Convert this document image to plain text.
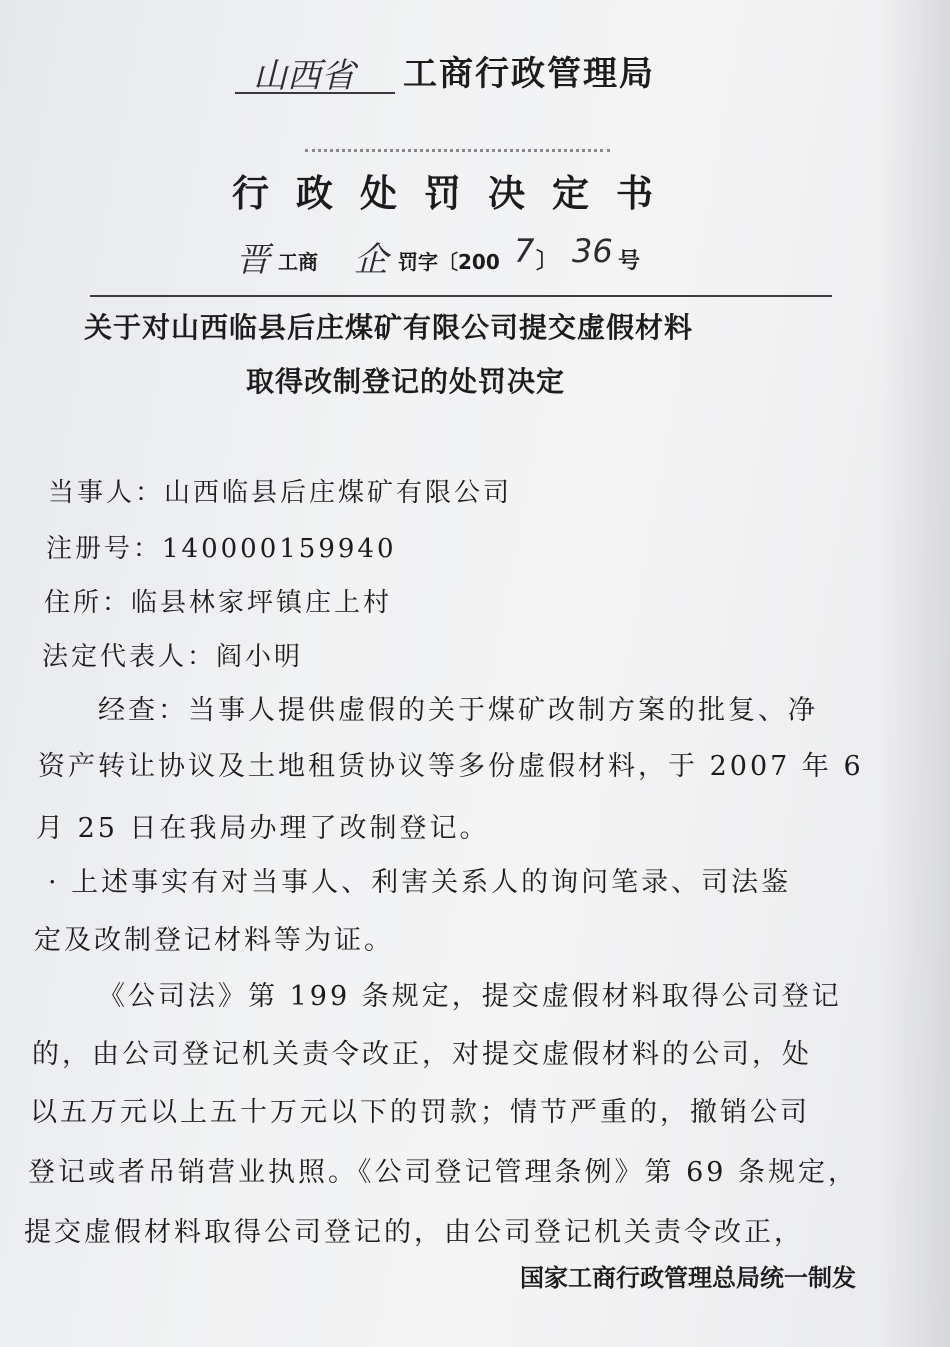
山西省 工商行政管理局
行政处罚决定书
晋 工商 企 罚字〔200 7 〕 36 号
关于对山西临县后庄煤矿有限公司提交虚假材料
取得改制登记的处罚决定
当事人：山西临县后庄煤矿有限公司
注册号：140000159940
住所：临县林家坪镇庄上村
法定代表人：阎小明
经查：当事人提供虚假的关于煤矿改制方案的批复、净
资产转让协议及土地租赁协议等多份虚假材料，于 2007 年 6
月 25 日在我局办理了改制登记。
· 上述事实有对当事人、利害关系人的询问笔录、司法鉴
定及改制登记材料等为证。
《公司法》第 199 条规定，提交虚假材料取得公司登记
的，由公司登记机关责令改正，对提交虚假材料的公司，处
以五万元以上五十万元以下的罚款；情节严重的，撤销公司
登记或者吊销营业执照。《公司登记管理条例》第 69 条规定，
提交虚假材料取得公司登记的，由公司登记机关责令改正，
国家工商行政管理总局统一制发
